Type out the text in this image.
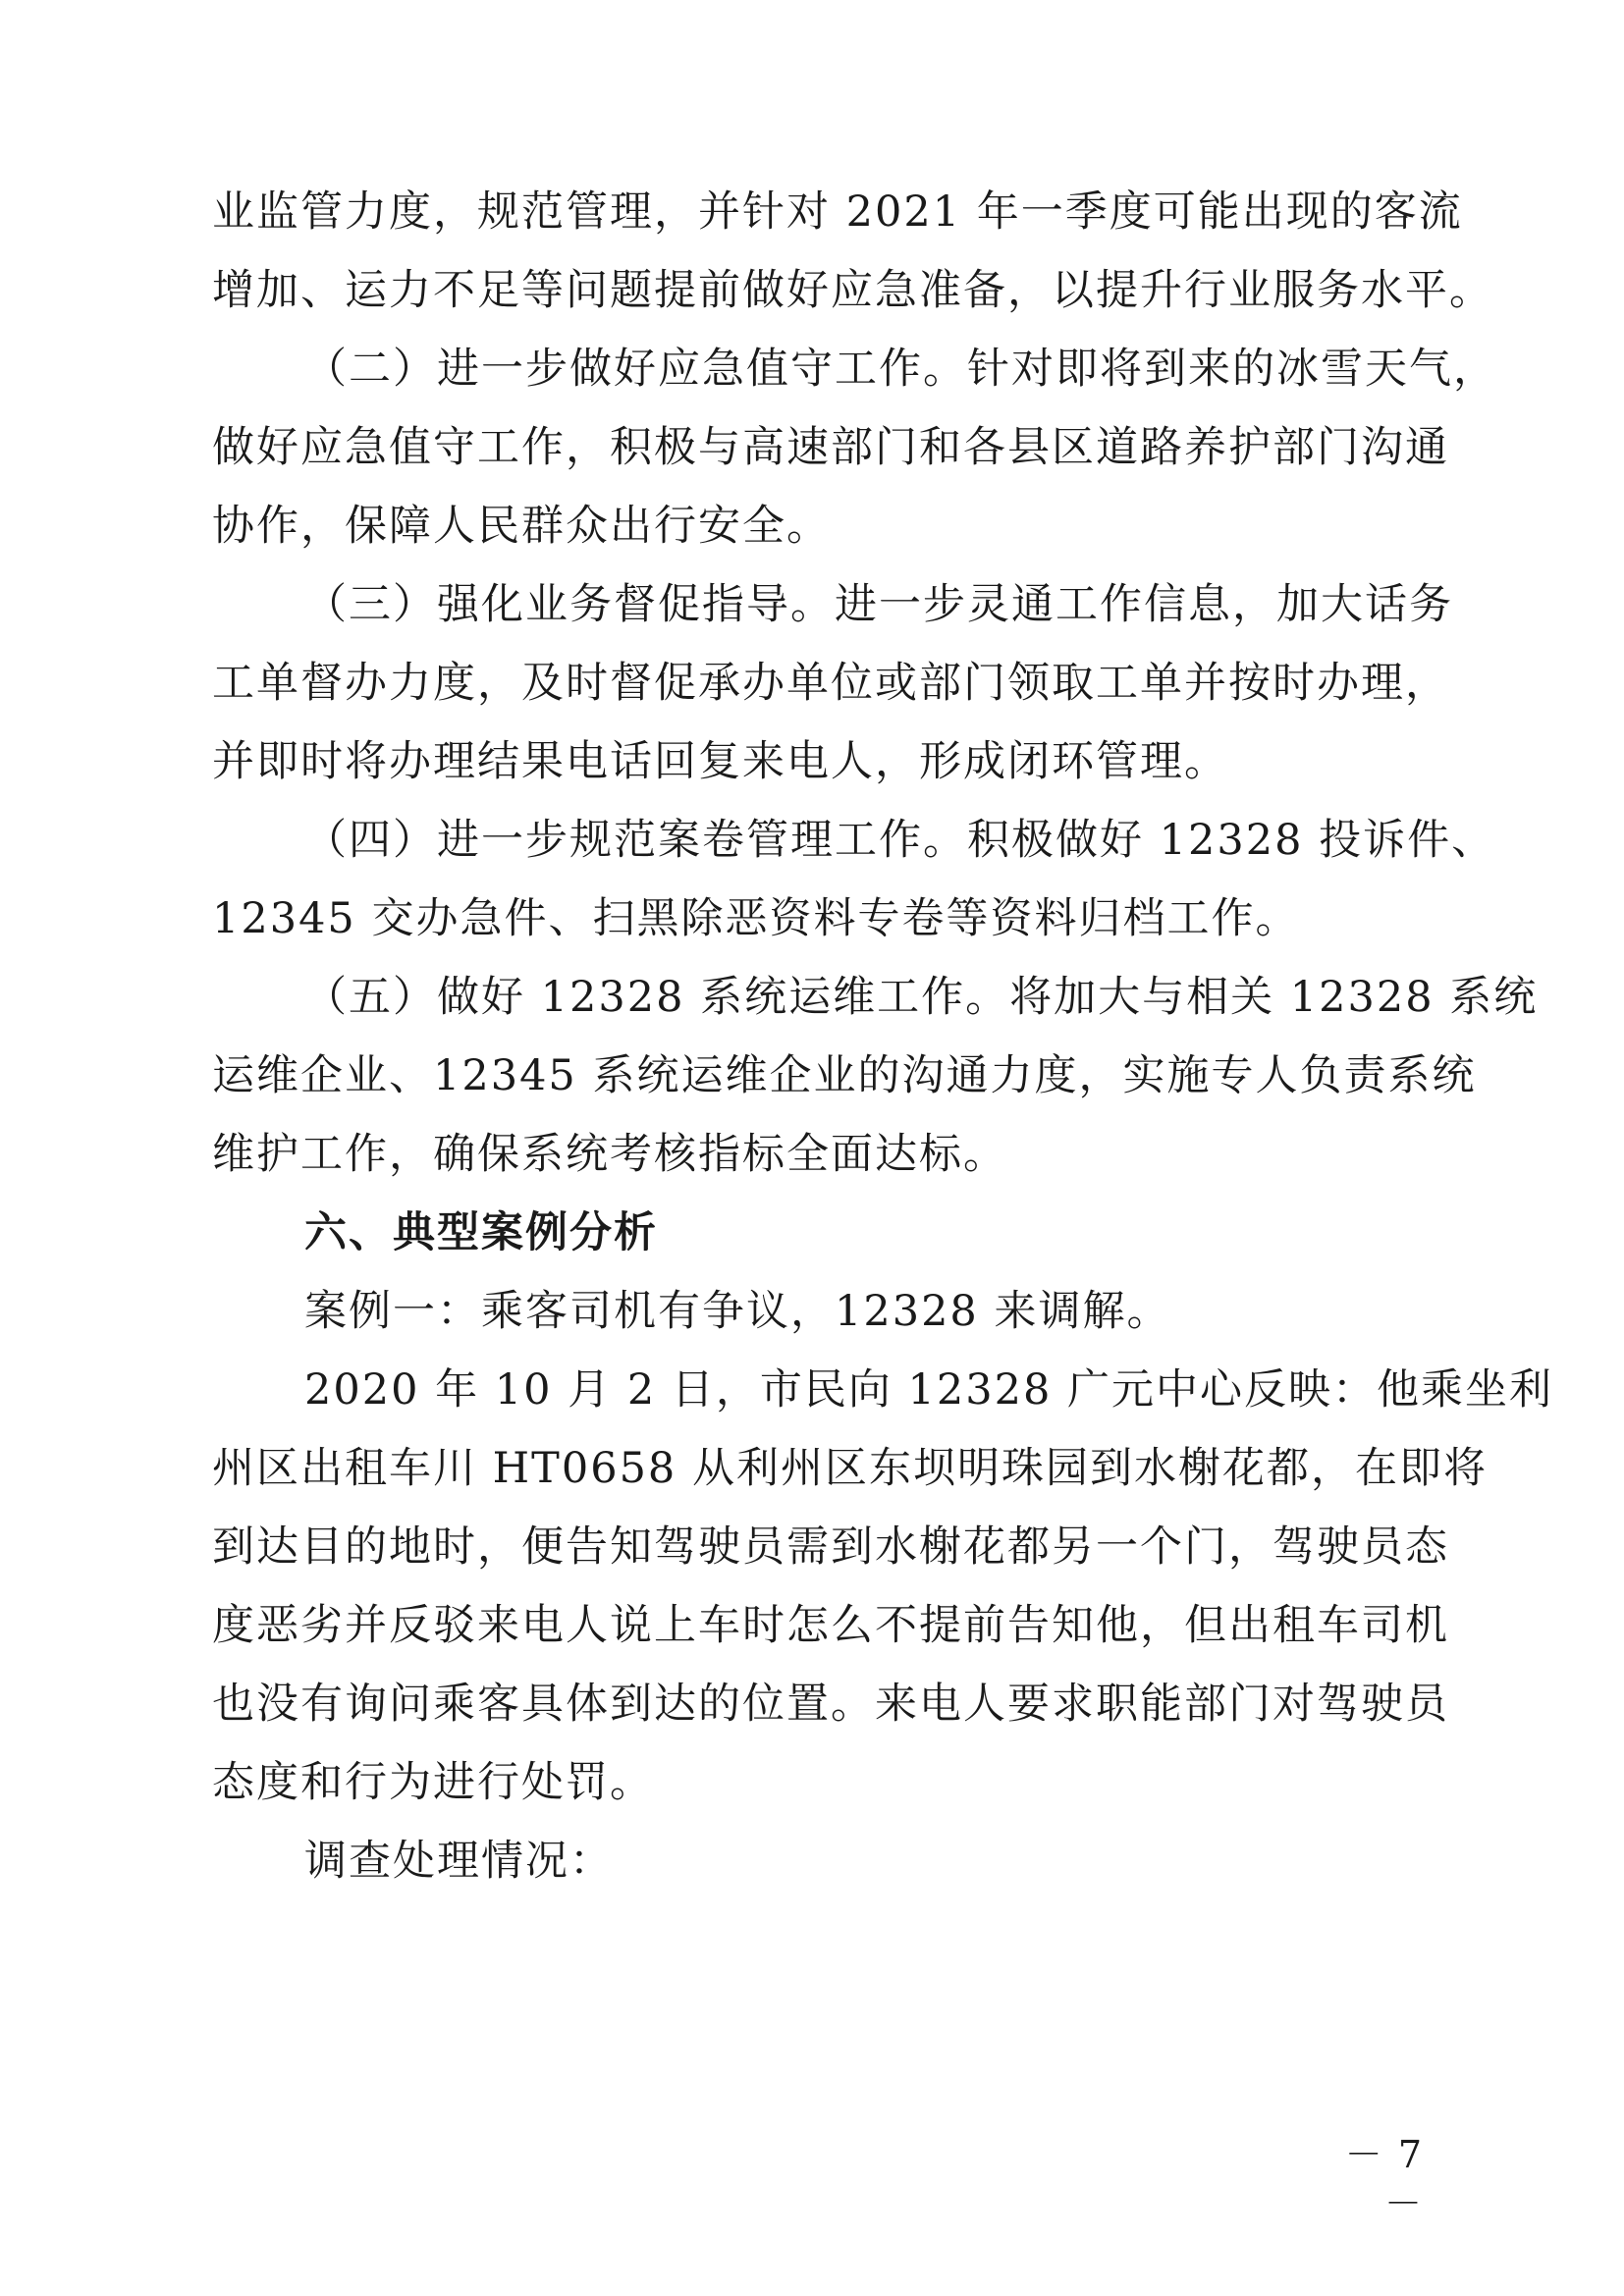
业监管力度，规范管理，并针对 2021 年一季度可能出现的客流
增加、运力不足等问题提前做好应急准备，以提升行业服务水平。
（二）进一步做好应急值守工作。针对即将到来的冰雪天气，
做好应急值守工作，积极与高速部门和各县区道路养护部门沟通
协作，保障人民群众出行安全。
（三）强化业务督促指导。进一步灵通工作信息，加大话务
工单督办力度，及时督促承办单位或部门领取工单并按时办理，
并即时将办理结果电话回复来电人，形成闭环管理。
（四）进一步规范案卷管理工作。积极做好 12328 投诉件、
12345 交办急件、扫黑除恶资料专卷等资料归档工作。
（五）做好 12328 系统运维工作。将加大与相关 12328 系统
运维企业、12345 系统运维企业的沟通力度，实施专人负责系统
维护工作，确保系统考核指标全面达标。
六、典型案例分析
案例一：乘客司机有争议，12328 来调解。
2020 年 10 月 2 日，市民向 12328 广元中心反映：他乘坐利
州区出租车川 HT0658 从利州区东坝明珠园到水榭花都，在即将
到达目的地时，便告知驾驶员需到水榭花都另一个门，驾驶员态
度恶劣并反驳来电人说上车时怎么不提前告知他，但出租车司机
也没有询问乘客具体到达的位置。来电人要求职能部门对驾驶员
态度和行为进行处罚。
调查处理情况：
－ 7 －
